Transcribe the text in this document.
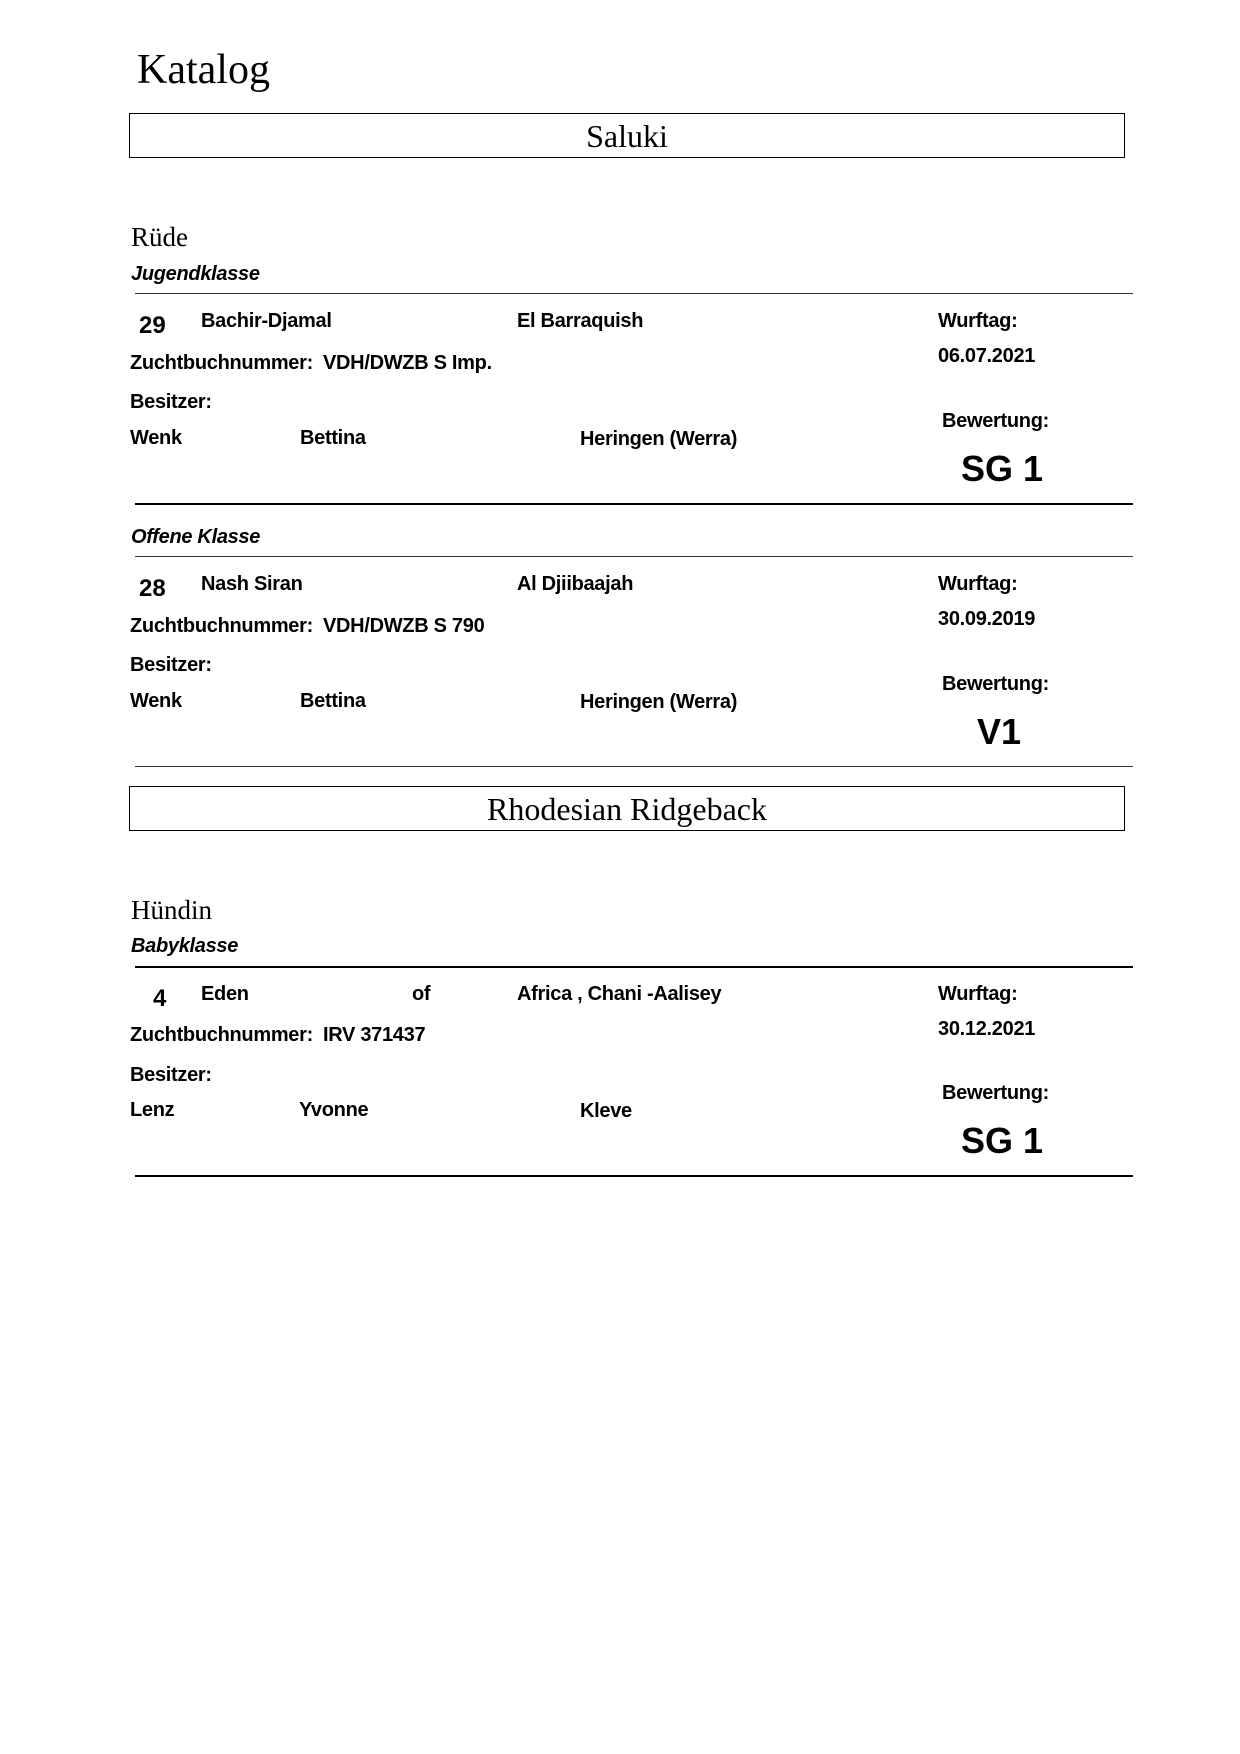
Katalog
Saluki
Rüde
Jugendklasse
29 Bachir-Djamal	El Barraquish	Wurftag:
Zuchtbuchnummer: VDH/DWZB S Imp.	06.07.2021
Besitzer:
Wenk	Bettina	Heringen (Werra)
Bewertung:
SG 1
Offene Klasse
28 Nash Siran	Al Djiibaajah	Wurftag:
Zuchtbuchnummer: VDH/DWZB S 790	30.09.2019
Besitzer:
Wenk	Bettina	Heringen (Werra)
Bewertung:
V1
Rhodesian Ridgeback
Hündin
Babyklasse
4 Eden	of	Africa , Chani -Aalisey	Wurftag:
Zuchtbuchnummer: IRV 371437	30.12.2021
Besitzer:
Lenz	Yvonne	Kleve
Bewertung:
SG 1
